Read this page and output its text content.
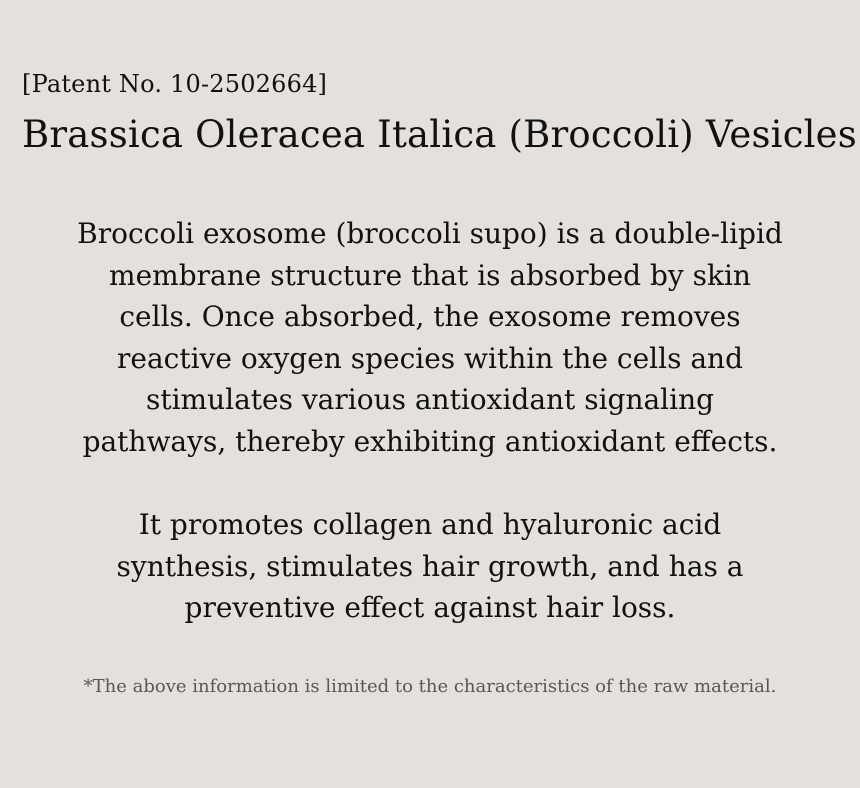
[Patent No. 10-2502664]
Brassica Oleracea Italica (Broccoli) Vesicles
Broccoli exosome (broccoli supo) is a double-lipid
membrane structure that is absorbed by skin
cells. Once absorbed, the exosome removes
reactive oxygen species within the cells and
stimulates various antioxidant signaling
pathways, thereby exhibiting antioxidant effects.
It promotes collagen and hyaluronic acid
synthesis, stimulates hair growth, and has a
preventive effect against hair loss.
*The above information is limited to the characteristics of the raw material.
